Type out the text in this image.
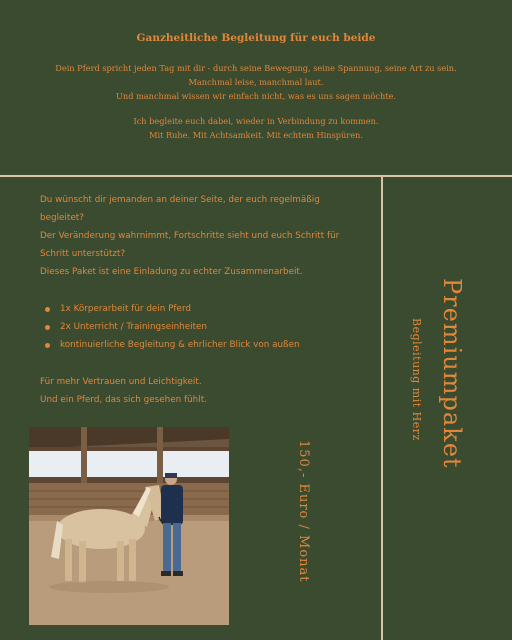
Ganzheitliche Begleitung für euch beide
Dein Pferd spricht jeden Tag mit dir - durch seine Bewegung, seine Spannung, seine Art zu sein.
Manchmal leise, manchmal laut.
Und manchmal wissen wir einfach nicht, was es uns sagen möchte.
Ich begleite euch dabei, wieder in Verbindung zu kommen.
Mit Ruhe. Mit Achtsamkeit. Mit echtem Hinspüren.
Du wünscht dir jemanden an deiner Seite, der euch regelmäßig
begleitet?
Der Veränderung wahrnimmt, Fortschritte sieht und euch Schritt für
Schritt unterstützt?
Dieses Paket ist eine Einladung zu echter Zusammenarbeit.
1x Körperarbeit für dein Pferd
2x Unterricht / Trainingseinheiten
kontinuierliche Begleitung & ehrlicher Blick von außen
Für mehr Vertrauen und Leichtigkeit.
Und ein Pferd, das sich gesehen fühlt.
150,- Euro / Monat
Premiumpaket
Begleitung mit Herz
